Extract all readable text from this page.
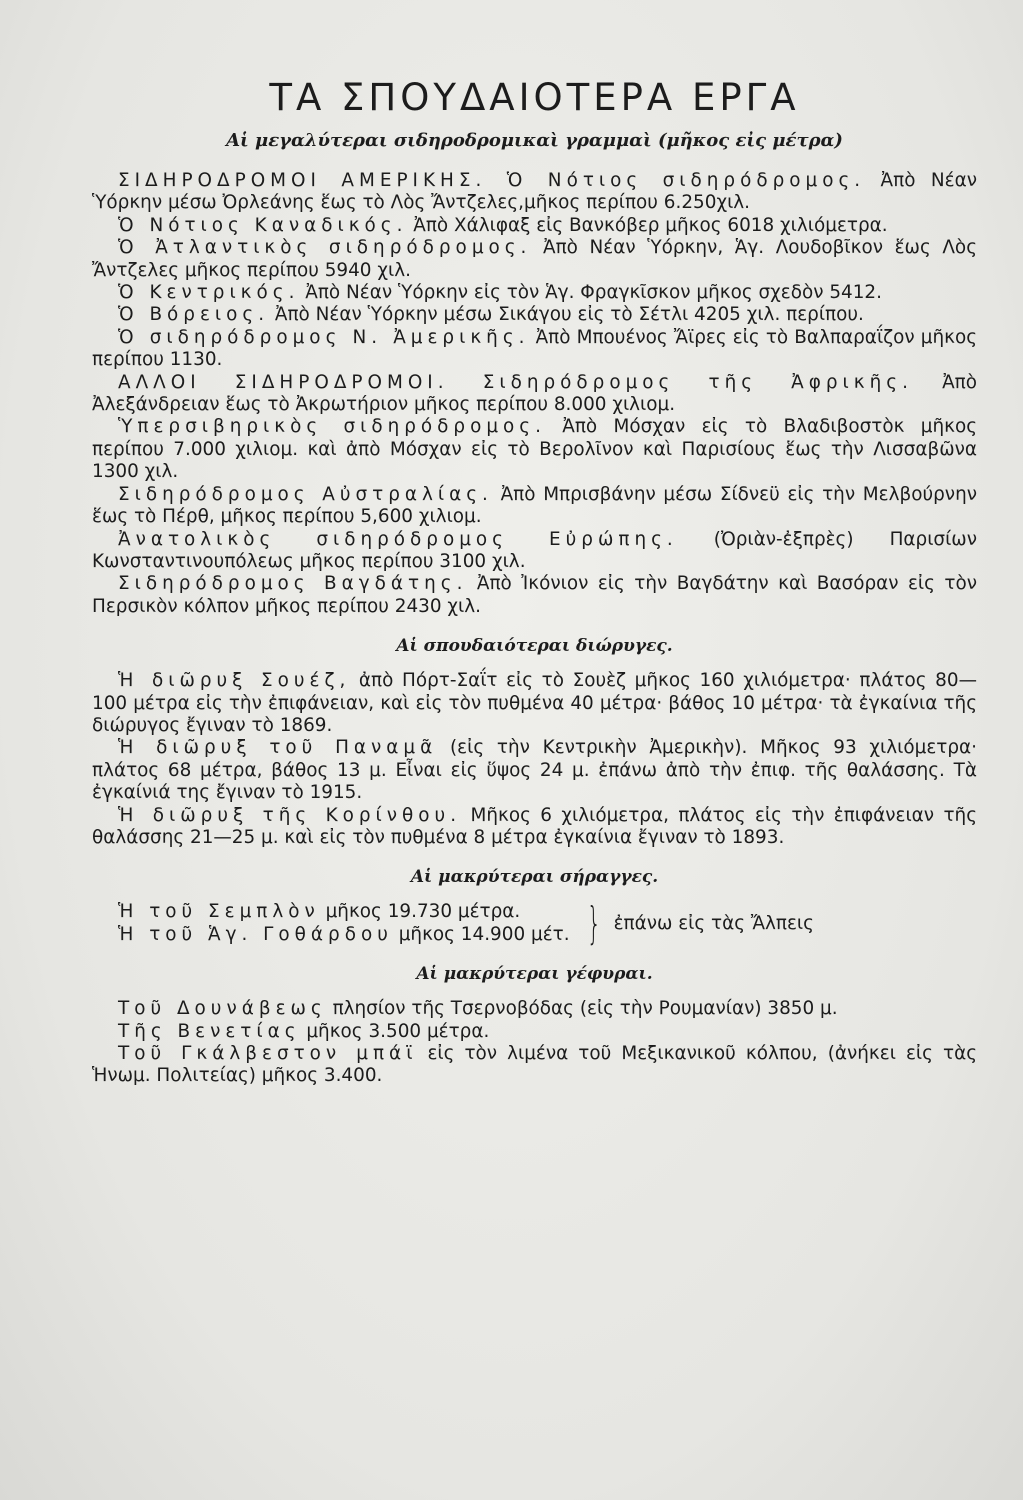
ΤΑ ΣΠΟΥΔΑΙΟΤΕΡΑ ΕΡΓΑ
Αἱ μεγαλύτεραι σιδηροδρομικαὶ γραμμαὶ (μῆκος εἰς μέτρα)

ΣΙΔΗΡΟΔΡΟΜΟΙ ΑΜΕΡΙΚΗΣ. Ὁ Νότιος σιδηρόδρομος. Ἀπὸ Νέαν Ὑόρκην μέσω Ὀρλεάνης ἕως τὸ Λὸς Ἄντζελες,μῆκος περίπου 6.250χιλ.

Ὁ Νότιος Καναδικός. Ἀπὸ Χάλιφαξ εἰς Βανκόβερ μῆκος 6018 χιλιόμετρα.

Ὁ Ἀτλαντικὸς σιδηρόδρομος. Ἀπὸ Νέαν Ὑόρκην, Ἁγ. Λουδοβῖκον ἕως Λὸς Ἄντζελες μῆκος περίπου 5940 χιλ.

Ὁ Κεντρικός. Ἀπὸ Νέαν Ὑόρκην εἰς τὸν Ἁγ. Φραγκῖσκον μῆκος σχεδὸν 5412.

Ὁ Βόρειος. Ἀπὸ Νέαν Ὑόρκην μέσω Σικάγου εἰς τὸ Σέτλι 4205 χιλ. περίπου.

Ὁ σιδηρόδρομος Ν. Ἀμερικῆς. Ἀπὸ Μπουένος Ἄϊρες εἰς τὸ Βαλπαραΐζον μῆκος περίπου 1130.

ΑΛΛΟΙ ΣΙΔΗΡΟΔΡΟΜΟΙ. Σιδηρόδρομος τῆς Ἀφρικῆς. Ἀπὸ Ἀλεξάνδρειαν ἕως τὸ Ἀκρωτήριον μῆκος περίπου 8.000 χιλιομ.

Ὑπερσιβηρικὸς σιδηρόδρομος. Ἀπὸ Μόσχαν εἰς τὸ Βλαδιβοστὸκ μῆκος περίπου 7.000 χιλιομ. καὶ ἀπὸ Μόσχαν εἰς τὸ Βερολῖνον καὶ Παρισίους ἕως τὴν Λισσαβῶνα 1300 χιλ.

Σιδηρόδρομος Αὐστραλίας. Ἀπὸ Μπρισβάνην μέσω Σίδνεϋ εἰς τὴν Μελβούρνην ἕως τὸ Πέρθ, μῆκος περίπου 5,600 χιλιομ.

Ἀνατολικὸς σιδηρόδρομος Εὐρώπης. (Ὀριὰν-ἐξπρὲς) Παρισίων Κωνσταντινουπόλεως μῆκος περίπου 3100 χιλ.

Σιδηρόδρομος Βαγδάτης. Ἀπὸ Ἰκόνιον εἰς τὴν Βαγδάτην καὶ Βασόραν εἰς τὸν Περσικὸν κόλπον μῆκος περίπου 2430 χιλ.

Αἱ σπουδαιότεραι διώρυγες.

Ἡ διῶρυξ Σουέζ, ἀπὸ Πόρτ-Σαΐτ εἰς τὸ Σουὲζ μῆκος 160 χιλιόμετρα· πλάτος 80—100 μέτρα εἰς τὴν ἐπιφάνειαν, καὶ εἰς τὸν πυθμένα 40 μέτρα· βάθος 10 μέτρα· τὰ ἐγκαίνια τῆς διώρυγος ἔγιναν τὸ 1869.

Ἡ διῶρυξ τοῦ Παναμᾶ (εἰς τὴν Κεντρικὴν Ἀμερικὴν). Μῆκος 93 χιλιόμετρα· πλάτος 68 μέτρα, βάθος 13 μ. Εἶναι εἰς ὕψος 24 μ. ἐπάνω ἀπὸ τὴν ἐπιφ. τῆς θαλάσσης. Τὰ ἐγκαίνιά της ἔγιναν τὸ 1915.

Ἡ διῶρυξ τῆς Κορίνθου. Μῆκος 6 χιλιόμετρα, πλάτος εἰς τὴν ἐπιφάνειαν τῆς θαλάσσης 21—25 μ. καὶ εἰς τὸν πυθμένα 8 μέτρα ἐγκαίνια ἔγιναν τὸ 1893.

Αἱ μακρύτεραι σήραγγες.
Ἡ τοῦ Σεμπλὸν μῆκος 19.730 μέτρα.
Ἡ τοῦ Ἁγ. Γοθάρδου μῆκος 14.900 μέτ. } ἐπάνω εἰς τὰς Ἄλπεις
Αἱ μακρύτεραι γέφυραι.

Τοῦ Δουνάβεως πλησίον τῆς Τσερνοβόδας (εἰς τὴν Ρουμανίαν) 3850 μ.

Τῆς Βενετίας μῆκος 3.500 μέτρα.

Τοῦ Γκάλβεστον μπάϊ εἰς τὸν λιμένα τοῦ Μεξικανικοῦ κόλπου, (ἀνήκει εἰς τὰς Ἡνωμ. Πολιτείας) μῆκος 3.400.
